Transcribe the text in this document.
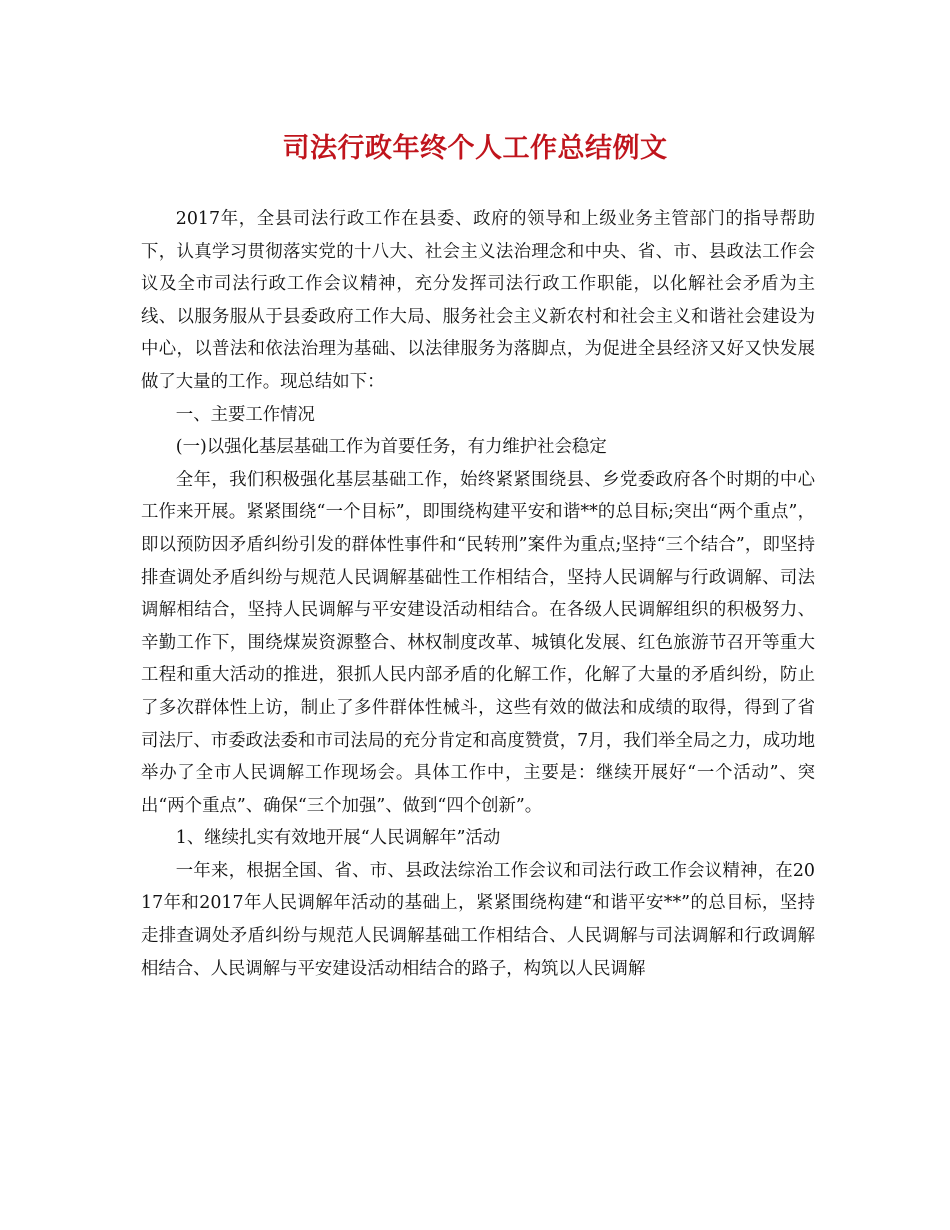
司法行政年终个人工作总结例文

2017年，全县司法行政工作在县委、政府的领导和上级业务主管部门的指导帮助下，认真学习贯彻落实党的十八大、社会主义法治理念和中央、省、市、县政法工作会议及全市司法行政工作会议精神，充分发挥司法行政工作职能，以化解社会矛盾为主线、以服务服从于县委政府工作大局、服务社会主义新农村和社会主义和谐社会建设为中心，以普法和依法治理为基础、以法律服务为落脚点，为促进全县经济又好又快发展做了大量的工作。现总结如下：

一、主要工作情况

(一)以强化基层基础工作为首要任务，有力维护社会稳定

全年，我们积极强化基层基础工作，始终紧紧围绕县、乡党委政府各个时期的中心工作来开展。紧紧围绕“一个目标”，即围绕构建平安和谐**的总目标;突出“两个重点”，即以预防因矛盾纠纷引发的群体性事件和“民转刑”案件为重点;坚持“三个结合”，即坚持排查调处矛盾纠纷与规范人民调解基础性工作相结合，坚持人民调解与行政调解、司法调解相结合，坚持人民调解与平安建设活动相结合。在各级人民调解组织的积极努力、辛勤工作下，围绕煤炭资源整合、林权制度改革、城镇化发展、红色旅游节召开等重大工程和重大活动的推进，狠抓人民内部矛盾的化解工作，化解了大量的矛盾纠纷，防止了多次群体性上访，制止了多件群体性械斗，这些有效的做法和成绩的取得，得到了省司法厅、市委政法委和市司法局的充分肯定和高度赞赏，7月，我们举全局之力，成功地举办了全市人民调解工作现场会。具体工作中，主要是：继续开展好“一个活动”、突出“两个重点”、确保“三个加强”、做到“四个创新”。

1、继续扎实有效地开展“人民调解年”活动

一年来，根据全国、省、市、县政法综治工作会议和司法行政工作会议精神，在2017年和2017年人民调解年活动的基础上，紧紧围绕构建“和谐平安**”的总目标，坚持走排查调处矛盾纠纷与规范人民调解基础工作相结合、人民调解与司法调解和行政调解相结合、人民调解与平安建设活动相结合的路子，构筑以人民调解
